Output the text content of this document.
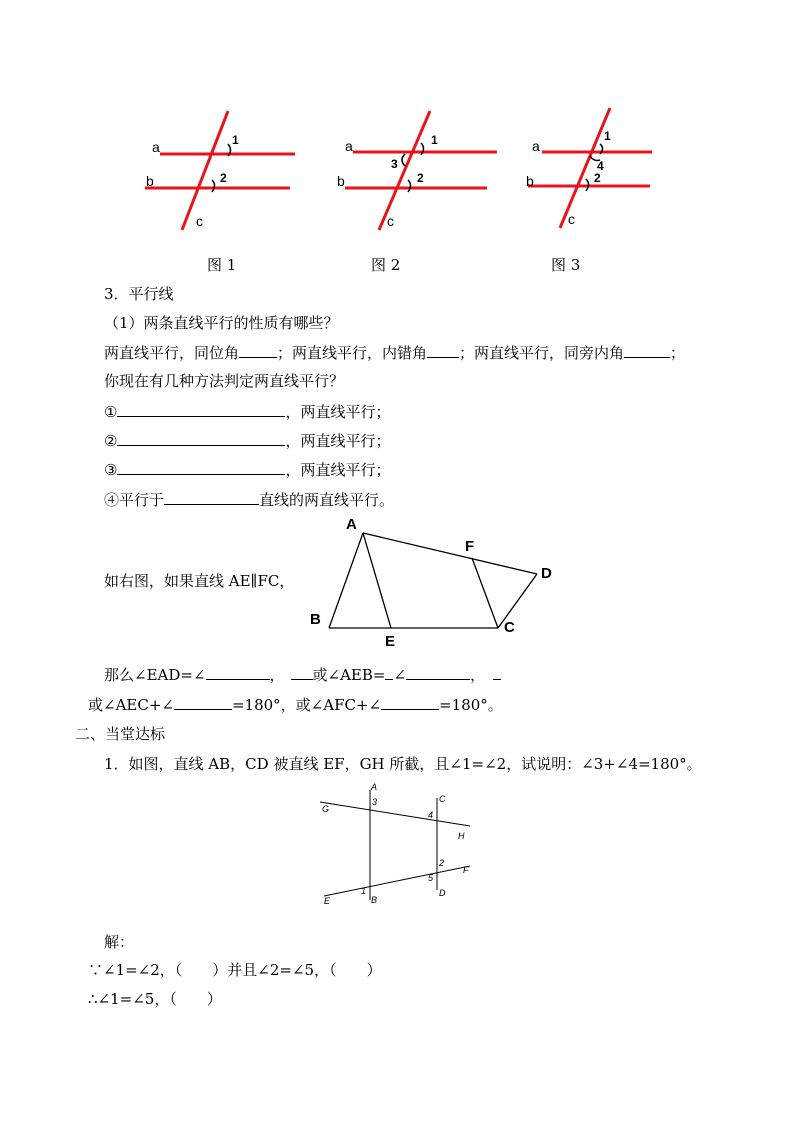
a
b
c
1
2
a
b
c
1
3
2
a
b
c
1
4
2
图 1	图 2	图 3
3．平行线
（1）两条直线平行的性质有哪些？
两直线平行，同位角	；两直线平行，内错角 ；两直线平行，同旁内角	；
你现在有几种方法判定两直线平行？
①	，两直线平行；
②	，两直线平行；
③	，两直线平行；
④平行于	直线的两直线平行。
如右图，如果直线 AE∥FC，
A
B
E
F
D
C
那么∠EAD=∠	， 或∠AEB= ∠	，
或∠AEC+∠	=180°，或∠AFC+∠	=180°。
二、当堂达标
1．如图，直线 AB，CD 被直线 EF，GH 所截，且∠1=∠2，试说明：∠3+∠4=180°。
A
B
C
D
G
H
E
F
3
4
2
5
1
解：
∵∠1=∠2，（　　）并且∠2=∠5，（　　）
∴∠1=∠5，（　　）
